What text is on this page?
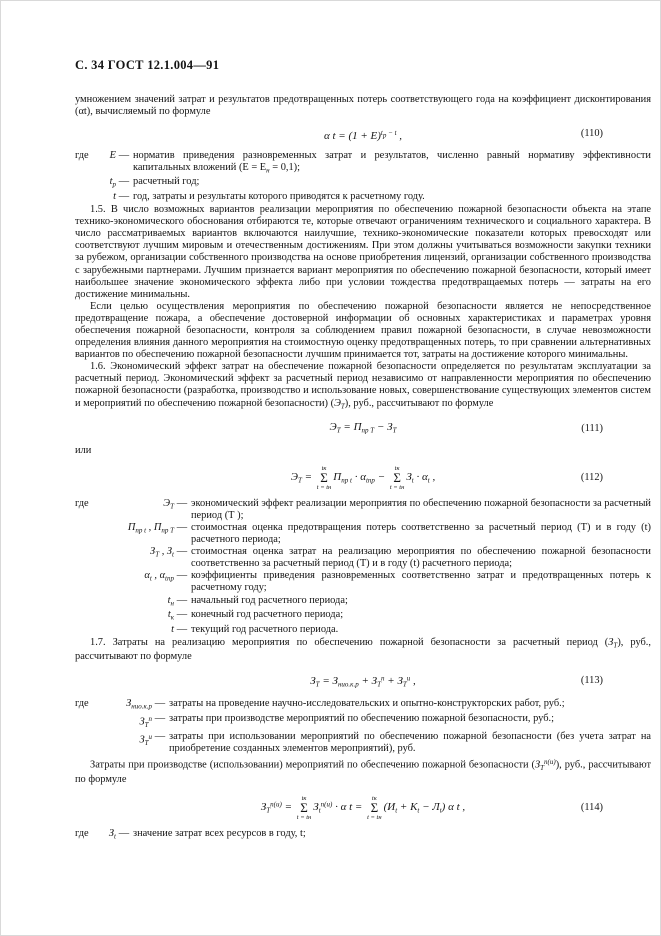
С. 34 ГОСТ 12.1.004—91

умножением значений затрат и результатов предотвращенных потерь соответствующего года на коэффициент дисконтирования (αt), вычисляемый по формуле

α $t = (1 + Е)^{tр - t}$ ,	(110)
где	Е — норматив приведения разновременных затрат и результатов, численно равный нормативу эффективности капитальных вложений $(Е = Е_н = 0,1)$;
$t_р$ — расчетный год;
t — год, затраты и результаты которого приводятся к расчетному году.

1.5. В число возможных вариантов реализации мероприятия по обеспечению пожарной безопасности объекта на этапе технико-экономического обоснования отбираются те, которые отвечают ограничениям технического и социального характера. В число рассматриваемых вариантов включаются наилучшие, технико-экономические показатели которых превосходят или соответствуют лучшим мировым и отечественным достижениям. При этом должны учитываться возможности закупки техники за рубежом, организации собственного производства на основе приобретения лицензий, организации собственного производства с зарубежными партнерами. Лучшим признается вариант мероприятия по обеспечению пожарной безопасности, который имеет наибольшее значение экономического эффекта либо при условии тождества предотвращаемых потерь — затраты на его достижение минимальны.

Если целью осуществления мероприятия по обеспечению пожарной безопасности является не непосредственное предотвращение пожара, а обеспечение достоверной информации об основных характеристиках и параметрах уровня обеспечения пожарной безопасности, контроля за соблюдением правил пожарной безопасности, в случае невозможности определения влияния данного мероприятия на стоимостную оценку предотвращенных потерь, то при сравнении альтернативных вариантов по обеспечению пожарной безопасности лучшим принимается тот, затраты на достижение которого минимальны.

1.6. Экономический эффект затрат на обеспечение пожарной безопасности определяется по результатам эксплуатации за расчетный период. Экономический эффект за расчетный период независимо от направленности мероприятия по обеспечению пожарной безопасности (разработка, производство и использование новых, совершенствование существующих элементов систем и мероприятий по обеспечению пожарной безопасности) $(Э_Т)$, руб., рассчитывают по формуле

$Э_Т = П_{пр Т} - З_Т$	(111)

или

$Э_Т$ =
tк
Σ
t = tн
$П_{пр t} \cdot \alpha_{tпр}$ −
tк
Σ
t = tн
$З_t \cdot \alpha_t$ ,	(112)
где	$Э_Т$ — экономический эффект реализации мероприятия по обеспечению пожарной безопасности за расчетный период (Т );
$П_{пр t}$ , $П_{пр Т}$ — стоимостная оценка предотвращения потерь соответственно за расчетный период (Т) и в году (t) расчетного периода;
$З_Т$ , $З_t$ — стоимостная оценка затрат на реализацию мероприятия по обеспечению пожарной безопасности соответственно за расчетный период (Т) и в году (t) расчетного периода;
$\alpha_t$ , $\alpha_{tпр}$ — коэффициенты приведения разновременных соответственно затрат и предотвращенных потерь к расчетному году;
$t_н$ — начальный год расчетного периода;
$t_к$ — конечный год расчетного периода;
t — текущий год расчетного периода.

1.7. Затраты на реализацию мероприятия по обеспечению пожарной безопасности за расчетный период $(З_Т)$, руб., рассчитывают по формуле

$З_Т = З_{нио.к.р} + З_Т^п + З_Т^и$ ,	(113)
где	$З_{нио.к.р}$ — затраты на проведение научно-исследовательских и опытно-конструкторских работ, руб.;
$З_Т^п$ — затраты при производстве мероприятий по обеспечению пожарной безопасности, руб.;
$З_Т^и$ — затраты при использовании мероприятий по обеспечению пожарной безопасности (без учета затрат на приобретение созданных элементов мероприятий), руб.

Затраты при производстве (использовании) мероприятий по обеспечению пожарной безопасности $(З_Т^{п(и)})$, руб., рассчитывают по формуле

$З_Т^{п(и)}$ =
tк
Σ
t = tн
$З_t^{п(и)} \cdot \alpha$ t =
tк
Σ
t = tн
$(И_t + К_t - Л_t)$ α t ,	(114)
где	$З_t$ — значение затрат всех ресурсов в году, t;
